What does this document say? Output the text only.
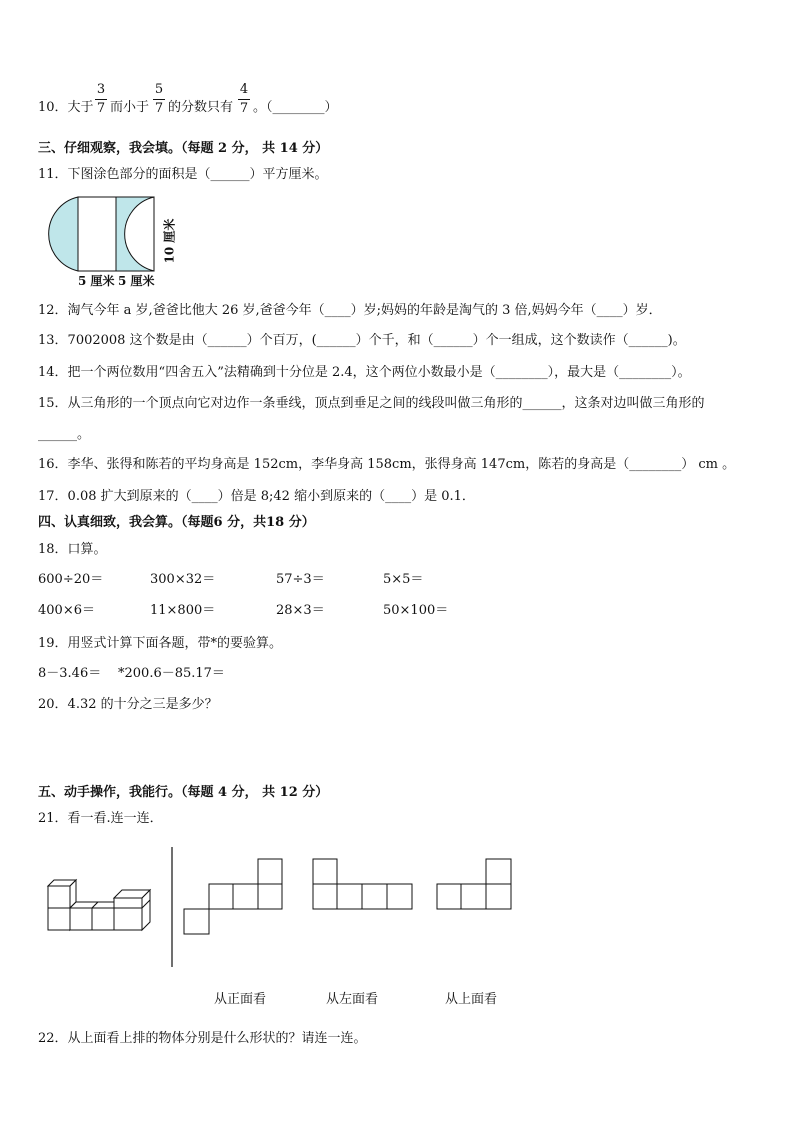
10．大于
3
7 而小于
5
7 的分数只有
4
7 。（________）
三、仔细观察，我会填。（每题 2 分， 共 14 分）
11．下图涂色部分的面积是（______）平方厘米。
5 厘米 5 厘米
10 厘米
12．淘气今年 a 岁,爸爸比他大 26 岁,爸爸今年（____）岁;妈妈的年龄是淘气的 3 倍,妈妈今年（____）岁．
13．7002008 这个数是由（______）个百万，(______）个千，和（______）个一组成，这个数读作（______)。
14．把一个两位数用“四舍五入”法精确到十分位是 2.4，这个两位小数最小是（________），最大是（________）。
15．从三角形的一个顶点向它对边作一条垂线，顶点到垂足之间的线段叫做三角形的______，这条对边叫做三角形的
______。
16．李华、张得和陈若的平均身高是 152cm，李华身高 158cm，张得身高 147cm，陈若的身高是（________） cm 。
17．0.08 扩大到原来的（____）倍是 8;42 缩小到原来的（____）是 0.1．
四、认真细致，我会算。（每题6 分，共18 分）
18．口算。
600÷20＝	300×32＝	57÷3＝	5×5＝
400×6＝	11×800＝	28×3＝	50×100＝
19．用竖式计算下面各题，带*的要验算。
8－3.46＝ *200.6－85.17＝
20．4.32 的十分之三是多少？
五、动手操作，我能行。（每题 4 分， 共 12 分）
21．看一看.连一连．
从正面看	从左面看	从上面看
22．从上面看上排的物体分别是什么形状的？请连一连。
